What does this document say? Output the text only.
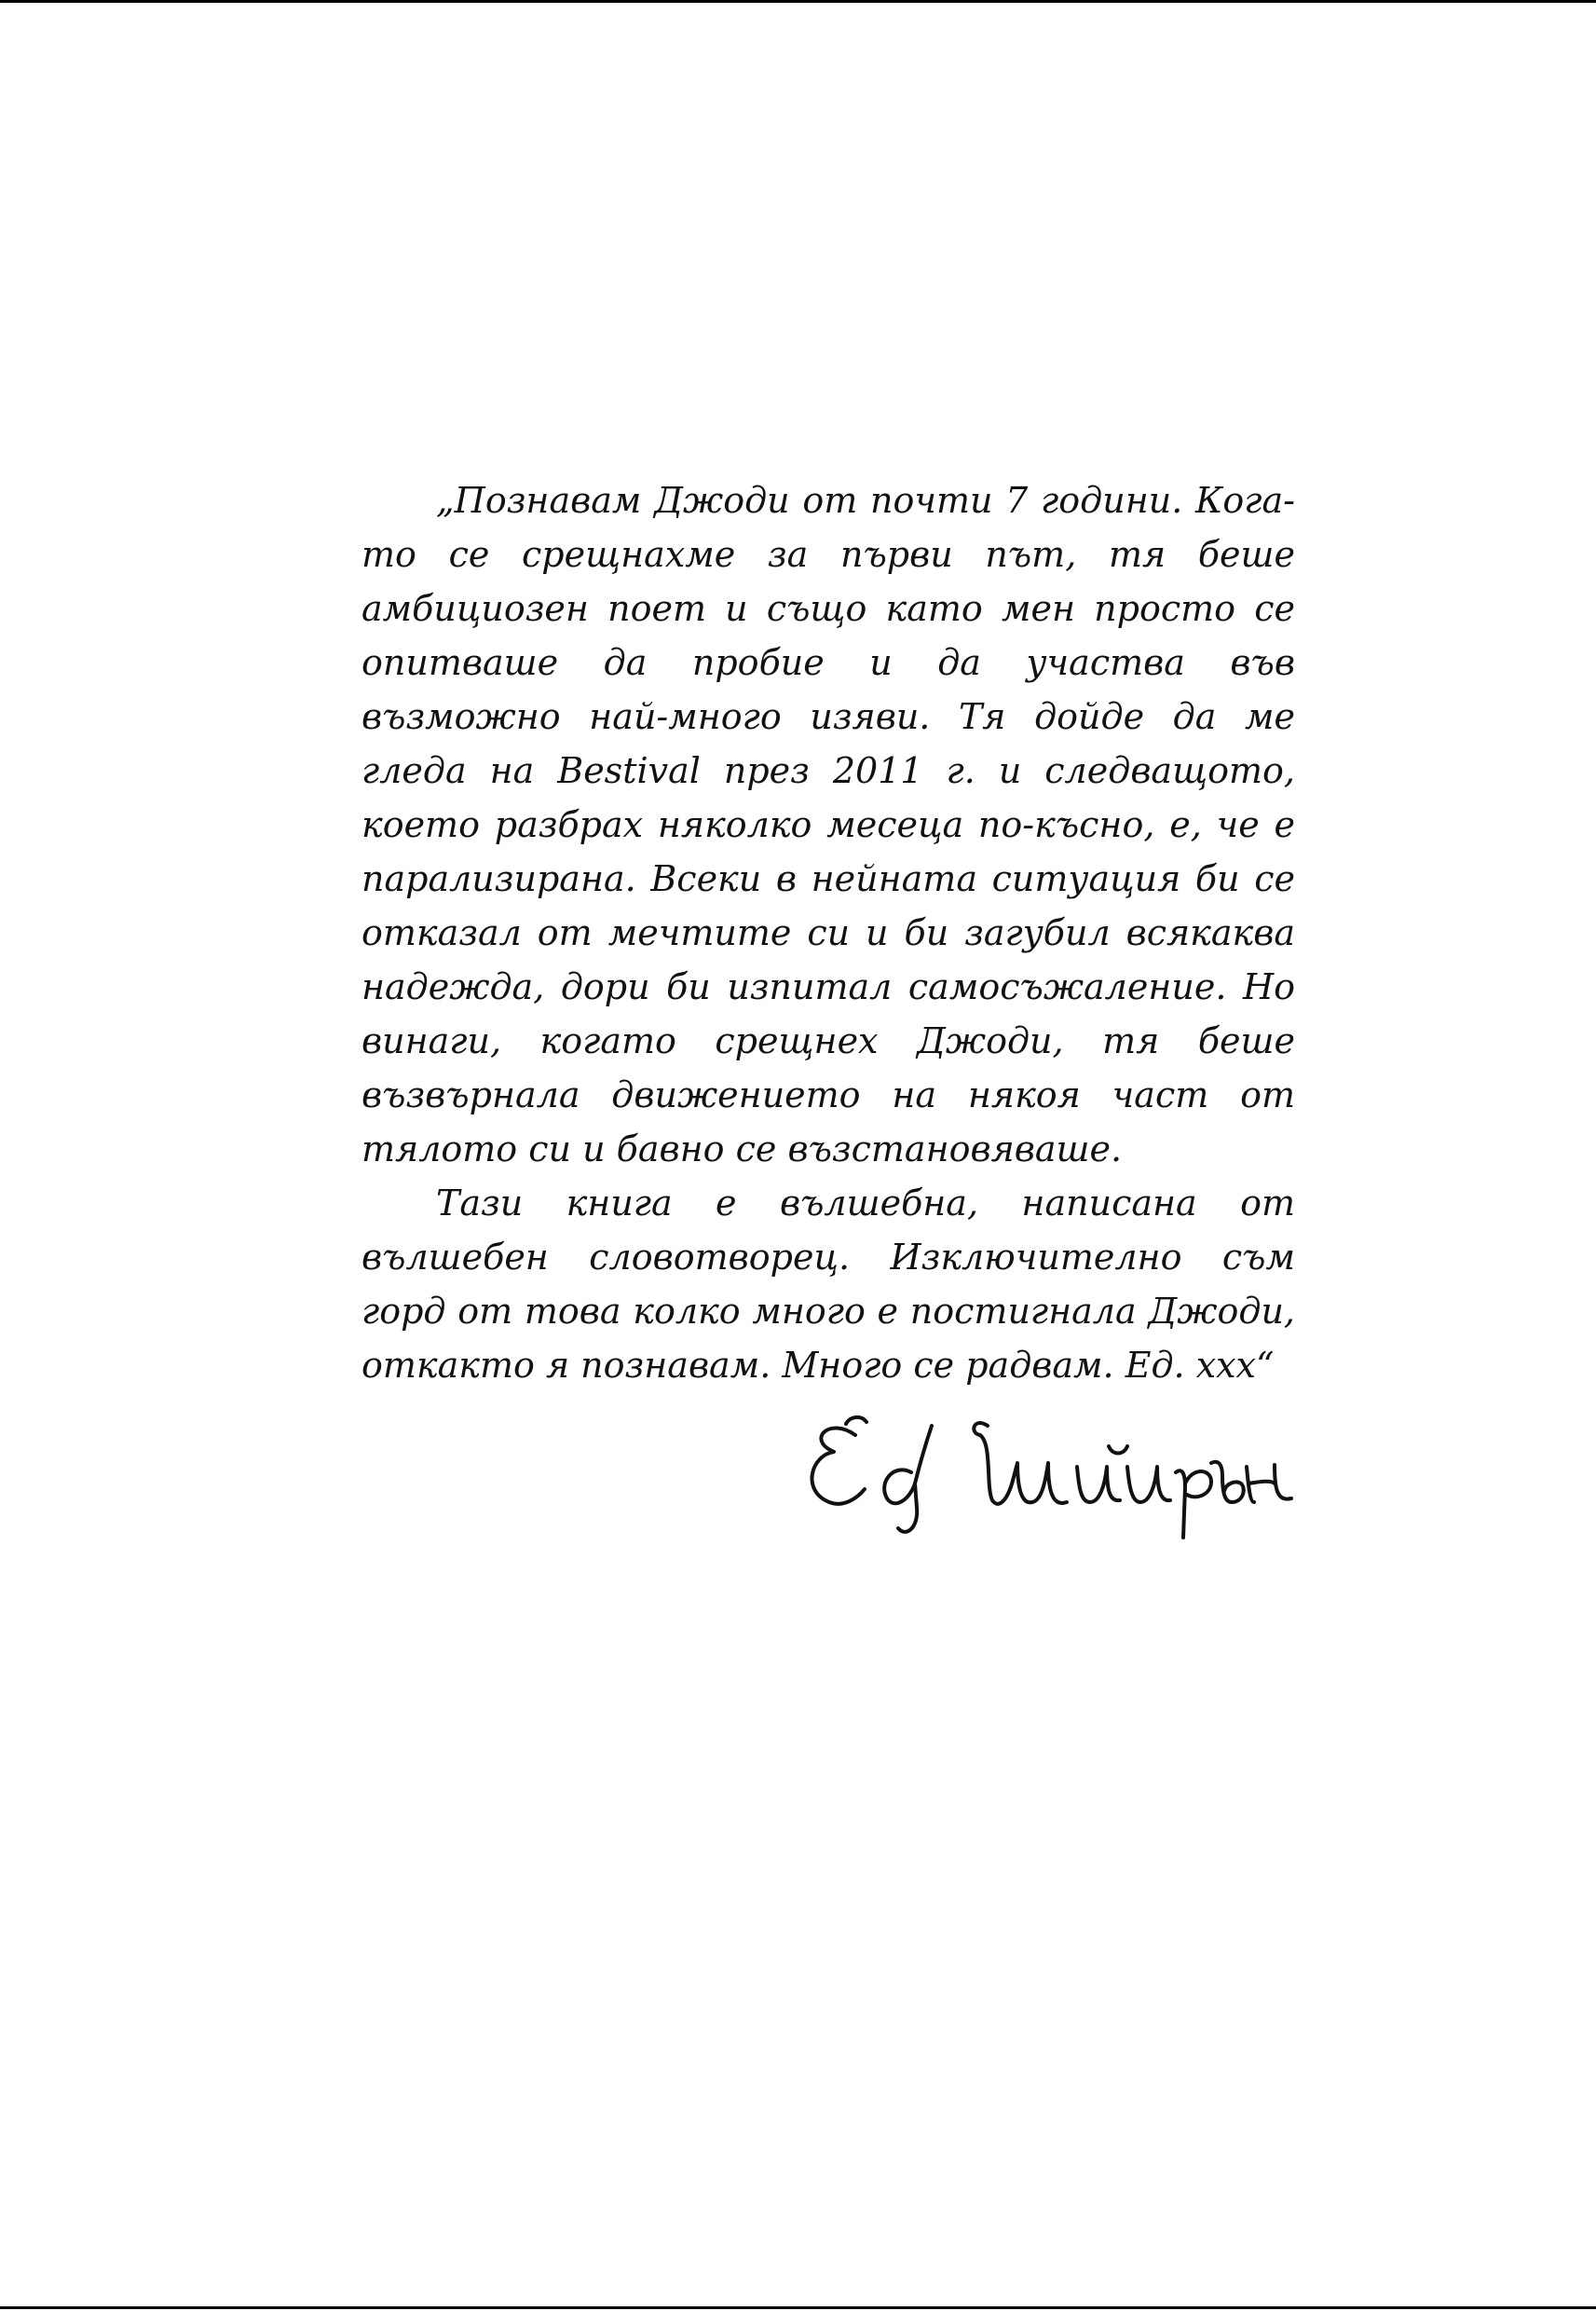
„Познавам Джоди от почти 7 години. Когато се срещнахме за първи път, тя беше амбициозен поет и също като мен просто се опитваше да пробие и да участва във възможно най-много изяви. Тя дойде да ме гледа на Bestival през 2011 г. и следващото, което разбрах няколко месеца по-късно, е, че е парализирана. Всеки в нейната ситуация би се отказал от мечтите си и би загубил всякаква надежда, дори би изпитал самосъжаление. Но винаги, когато срещнех Джоди, тя беше възвърнала движението на някоя част от тялото си и бавно се възстановяваше.

Тази книга е вълшебна, написана от вълшебен словотворец. Изключително съм горд от това колко много е постигнала Джоди, откакто я познавам. Много се радвам. Ед. ххх“
